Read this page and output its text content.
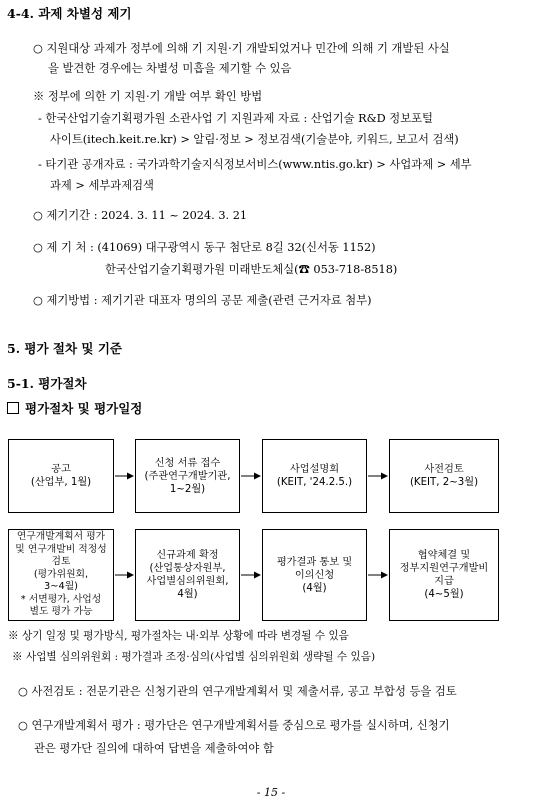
4-4. 과제 차별성 제기
○ 지원대상 과제가 정부에 의해 기 지원·기 개발되었거나 민간에 의해 기 개발된 사실
을 발견한 경우에는 차별성 미흡을 제기할 수 있음
※ 정부에 의한 기 지원·기 개발 여부 확인 방법
- 한국산업기술기획평가원 소관사업 기 지원과제 자료 : 산업기술 R&D 정보포털
사이트(itech.keit.re.kr) > 알림·정보 > 정보검색(기술분야, 키워드, 보고서 검색)
- 타기관 공개자료 : 국가과학기술지식정보서비스(www.ntis.go.kr) > 사업과제 > 세부
과제 > 세부과제검색
○ 제기기간 : 2024. 3. 11 ~ 2024. 3. 21
○ 제 기 처 : (41069) 대구광역시 동구 첨단로 8길 32(신서동 1152)
한국산업기술기획평가원 미래반도체실(☎ 053-718-8518)
○ 제기방법 : 제기기관 대표자 명의의 공문 제출(관련 근거자료 첨부)
5. 평가 절차 및 기준
5-1. 평가절차
평가절차 및 평가일정
공고
(산업부, 1월)
신청 서류 접수
(주관연구개발기관,
1~2월)
사업설명회
(KEIT, '24.2.5.)
사전검토
(KEIT, 2~3월)
연구개발계획서 평가
및 연구개발비 적정성
검토
(평가위원회,
3~4월)
* 서면평가, 사업성
별도 평가 가능
신규과제 확정
(산업통상자원부,
사업별심의위원회,
4월)
평가결과 통보 및
이의신청
(4월)
협약체결 및
정부지원연구개발비
지급
(4~5월)
※ 상기 일정 및 평가방식, 평가절차는 내·외부 상황에 따라 변경될 수 있음
※ 사업별 심의위원회 : 평가결과 조정·심의(사업별 심의위원회 생략될 수 있음)
○ 사전검토 : 전문기관은 신청기관의 연구개발계획서 및 제출서류, 공고 부합성 등을 검토
○ 연구개발계획서 평가 : 평가단은 연구개발계획서를 중심으로 평가를 실시하며, 신청기
관은 평가단 질의에 대하여 답변을 제출하여야 함
- 15 -
